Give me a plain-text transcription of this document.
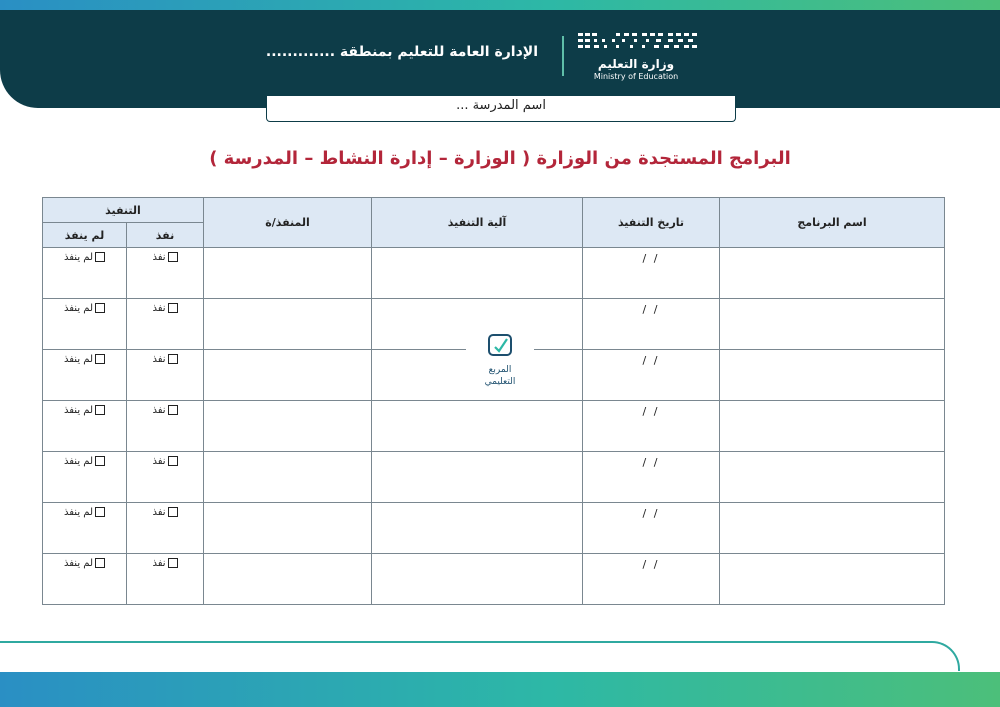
وزارة التعليم
Ministry of Education
الإدارة العامة للتعليم بمنطقة .............
اسم المدرسة ...
البرامج المستجدة من الوزارة ( الوزارة – إدارة النشاط – المدرسة )
اسم البرنامج	تاريخ التنفيذ	آلية التنفيذ	المنفذ/ة	التنفيذ	
				نفذ	لم ينفذ
	/ /			نفذ	لم ينفذ
	/ /			نفذ	لم ينفذ
	/ /			نفذ	لم ينفذ
	/ /			نفذ	لم ينفذ
	/ /			نفذ	لم ينفذ
	/ /			نفذ	لم ينفذ
	/ /			نفذ	لم ينفذ
المربع
التعليمي
